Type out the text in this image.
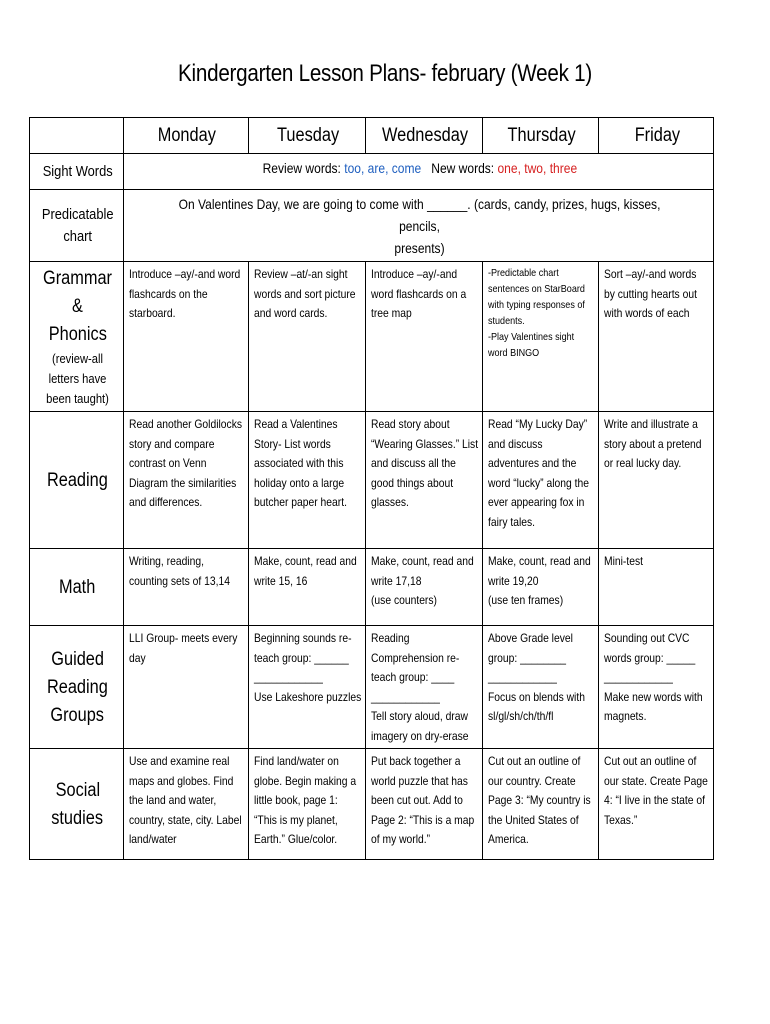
Kindergarten Lesson Plans- february (Week 1)
	Monday	Tuesday	Wednesday	Thursday	Friday
Sight Words	Review words: too, are, come New words: one, two, three				
Predicatable
chart	On Valentines Day, we are going to come with ______. (cards, candy, prizes, hugs, kisses, pencils,
presents)				

Grammar &
Phonics
(review-all
letters have
been taught)	Introduce –ay/-and word flashcards on the starboard.	Review –at/-an sight words and sort picture and word cards.	Introduce –ay/-and word flashcards on a tree map	-Predictable chart sentences on StarBoard with typing responses of students.
-Play Valentines sight word BINGO	Sort –ay/-and words by cutting hearts out with words of each

Reading	Read another Goldilocks story and compare contrast on Venn Diagram the similarities and differences.	Read a Valentines Story- List words associated with this holiday onto a large butcher paper heart.	Read story about “Wearing Glasses.” List and discuss all the good things about glasses.	Read “My Lucky Day” and discuss adventures and the word “lucky” along the ever appearing fox in fairy tales.	Write and illustrate a story about a pretend or real lucky day.

Math	Writing, reading, counting sets of 13,14	Make, count, read and write 15, 16	Make, count, read and write 17,18
(use counters)	Make, count, read and write 19,20
(use ten frames)	Mini-test

Guided
Reading
Groups	LLI Group- meets every day	Beginning sounds re-teach group: ______
____________
Use Lakeshore puzzles	Reading Comprehension re-teach group: ____
____________
Tell story aloud, draw imagery on dry-erase	Above Grade level group: ________
____________
Focus on blends with sl/gl/sh/ch/th/fl	Sounding out CVC words group: _____
____________
Make new words with magnets.

Social
studies	Use and examine real maps and globes. Find the land and water, country, state, city. Label land/water	Find land/water on globe. Begin making a little book, page 1: “This is my planet, Earth.” Glue/color.	Put back together a world puzzle that has been cut out. Add to Page 2: “This is a map of my world.”	Cut out an outline of our country. Create Page 3: “My country is the United States of America.	Cut out an outline of our state. Create Page 4: “I live in the state of Texas.”
